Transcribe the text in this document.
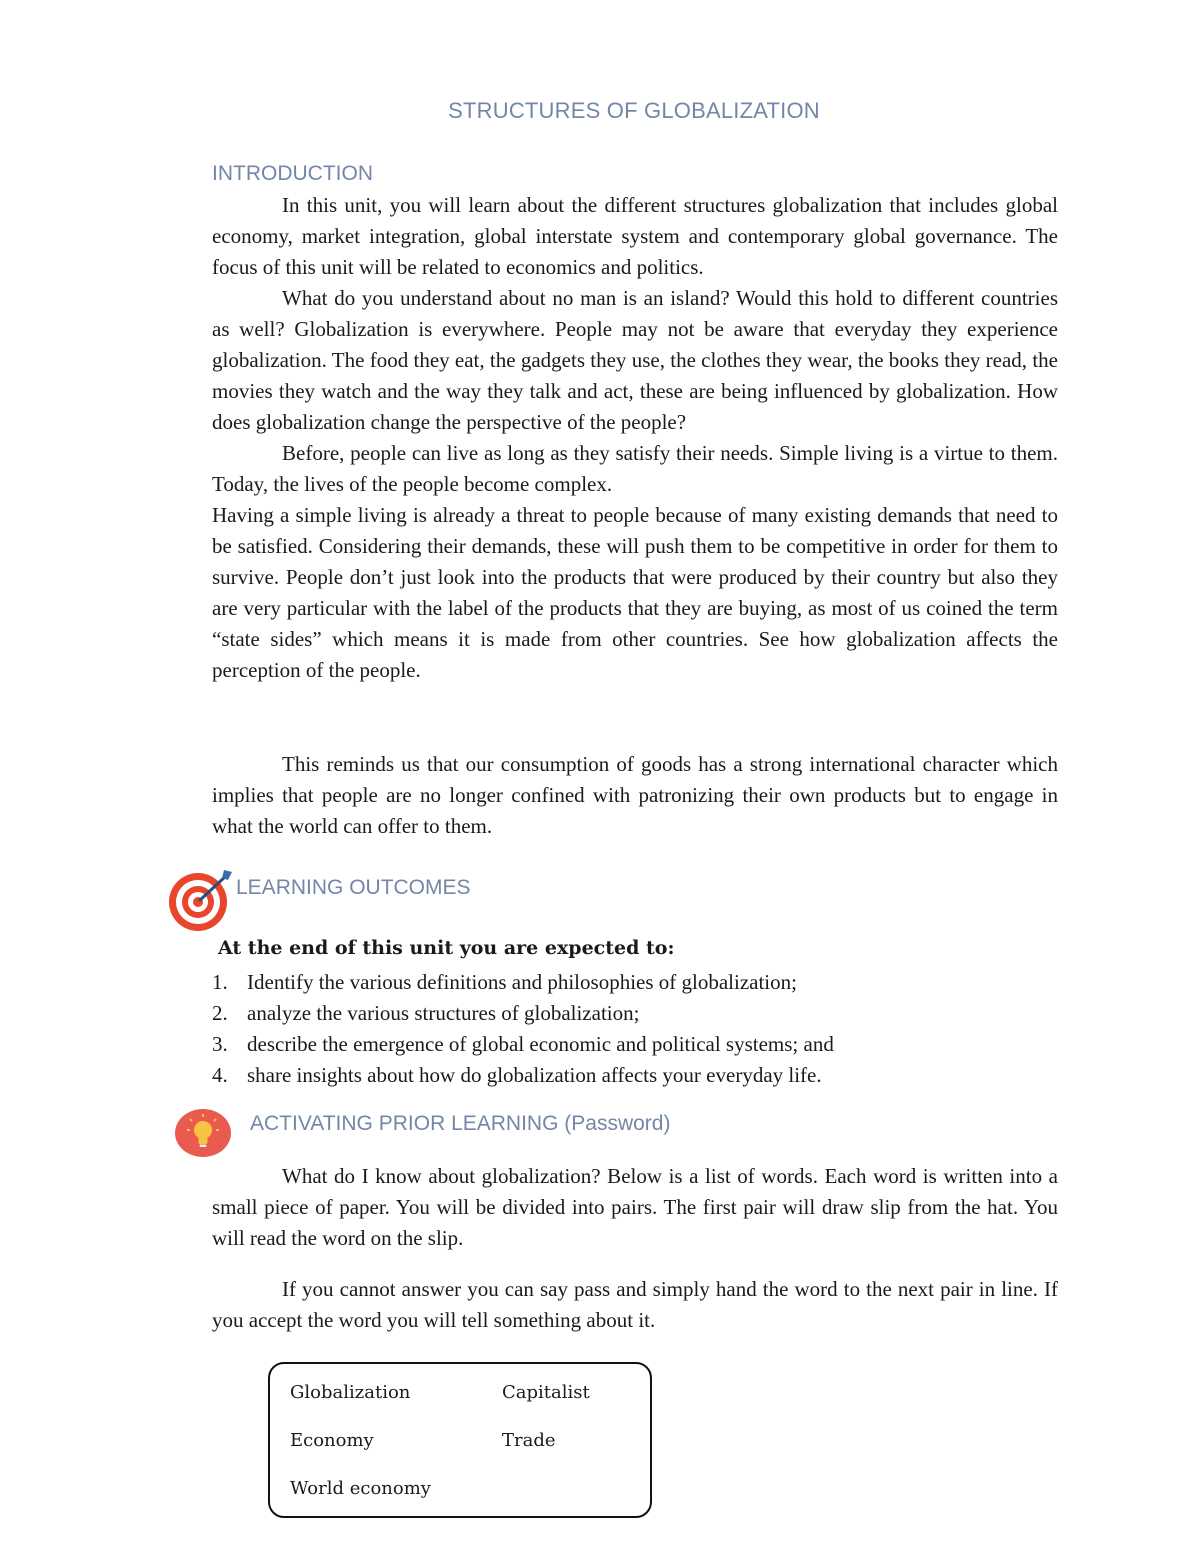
STRUCTURES OF GLOBALIZATION
INTRODUCTION

In this unit, you will learn about the different structures globalization that includes global economy, market integration, global interstate system and contemporary global governance. The focus of this unit will be related to economics and politics.

What do you understand about no man is an island? Would this hold to different countries as well? Globalization is everywhere. People may not be aware that everyday they experience globalization. The food they eat, the gadgets they use, the clothes they wear, the books they read, the movies they watch and the way they talk and act, these are being influenced by globalization. How does globalization change the perspective of the people?

Before, people can live as long as they satisfy their needs. Simple living is a virtue to them. Today, the lives of the people become complex.

Having a simple living is already a threat to people because of many existing demands that need to be satisfied. Considering their demands, these will push them to be competitive in order for them to survive. People don’t just look into the products that were produced by their country but also they are very particular with the label of the products that they are buying, as most of us coined the term “state sides” which means it is made from other countries. See how globalization affects the perception of the people.

This reminds us that our consumption of goods has a strong international character which implies that people are no longer confined with patronizing their own products but to engage in what the world can offer to them.

LEARNING OUTCOMES
At the end of this unit you are expected to:
1. Identify the various definitions and philosophies of globalization;
2. analyze the various structures of globalization;
3. describe the emergence of global economic and political systems; and
4. share insights about how do globalization affects your everyday life.
ACTIVATING PRIOR LEARNING (Password)

What do I know about globalization? Below is a list of words. Each word is written into a small piece of paper. You will be divided into pairs. The first pair will draw slip from the hat. You will read the word on the slip.

If you cannot answer you can say pass and simply hand the word to the next pair in line. If you accept the word you will tell something about it.

Globalization	Capitalist
Economy	Trade
World economy
